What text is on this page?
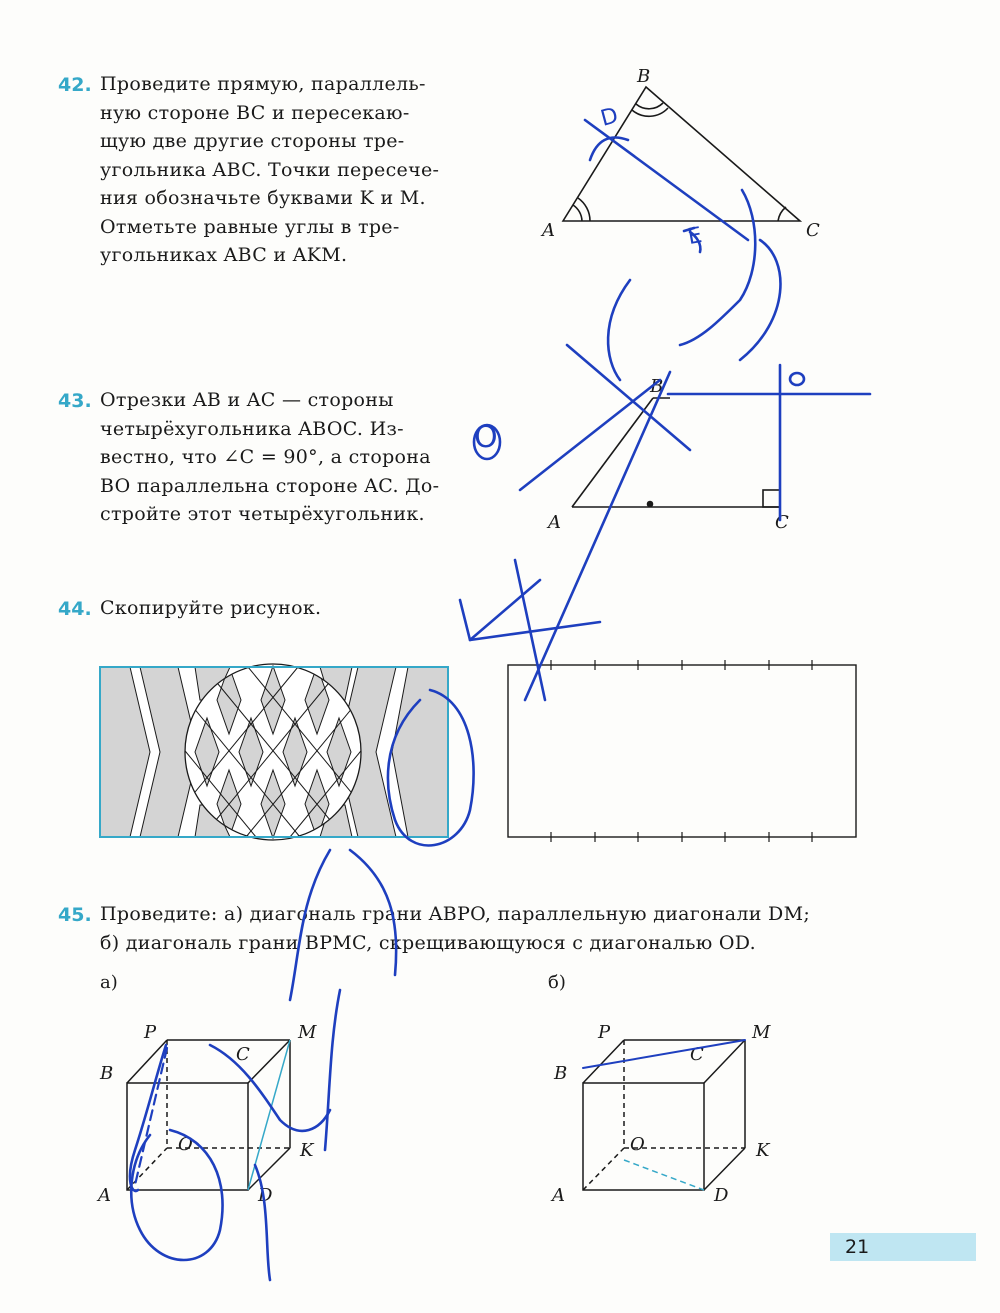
42. Проведите прямую, параллель-
ную стороне BC и пересекаю-
щую две другие стороны тре-
угольника ABC. Точки пересече-
ния обозначьте буквами K и M.
Отметьте равные углы в тре-
угольниках ABC и AKM.
B
A	C
43. Отрезки AB и AC — стороны
четырёхугольника ABOC. Из-
вестно, что ∠C = 90°, а сторона
BO параллельна стороне AC. До-
стройте этот четырёхугольник.
B
A	C
44. Скопируйте рисунок.
45. Проведите: а) диагональ грани ABPO, параллельную диагонали DM;
б) диагональ грани BPMC, скрещивающуюся с диагональю OD.
а)	б)
P	M
B
C
O	K
A	D
P	M
B
C
O	K
A	D
D
E
O
21
